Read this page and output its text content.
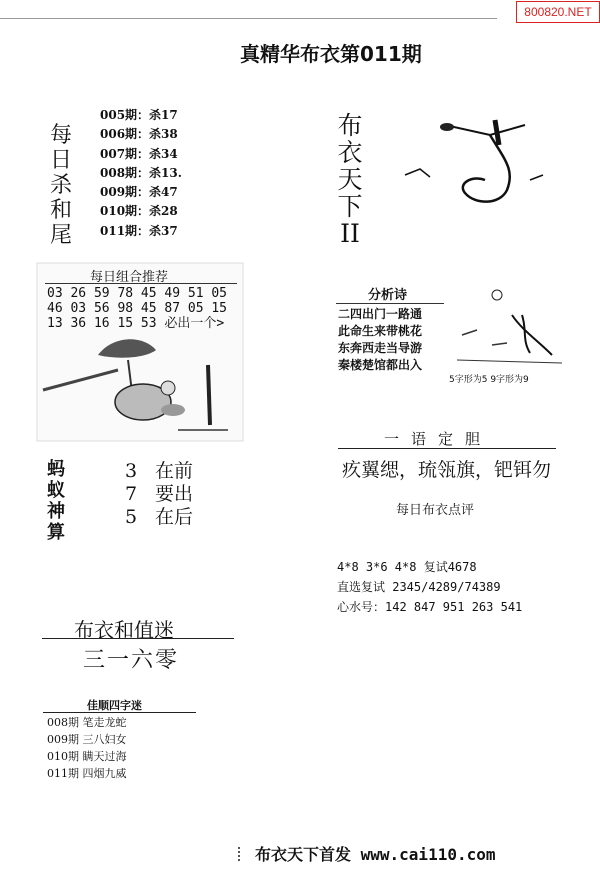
800820.NET
真精华布衣第011期
每
日
杀
和
尾
005期：杀17
006期：杀38
007期：杀34
008期：杀13.
009期：杀47
010期：杀28
011期：杀37
布
衣
天
下
II
每日组合推荐
03 26 59 78 45 49 51 05
46 03 56 98 45 87 05 15
13 36 16 15 53 必出一个>
分析诗
二四出门一路通
此命生来带桃花
东奔西走当导游
秦楼楚馆都出入
5字形为5 9字形为9
一语定胆
疚翼缌，琉瓴旗，钯铒勿
每日布衣点评
4*8 3*6 4*8 复试4678
直选复试 2345/4289/74389
心水号：142 847 951 263 541
蚂
蚁
神
算
3 在前
7 要出
5 在后
布衣和值迷
三一六零
佳顺四字迷
008期 笔走龙蛇
009期 三八妇女
010期 瞒天过海
011期 四烟九威
布衣天下首发 www.cai110.com
